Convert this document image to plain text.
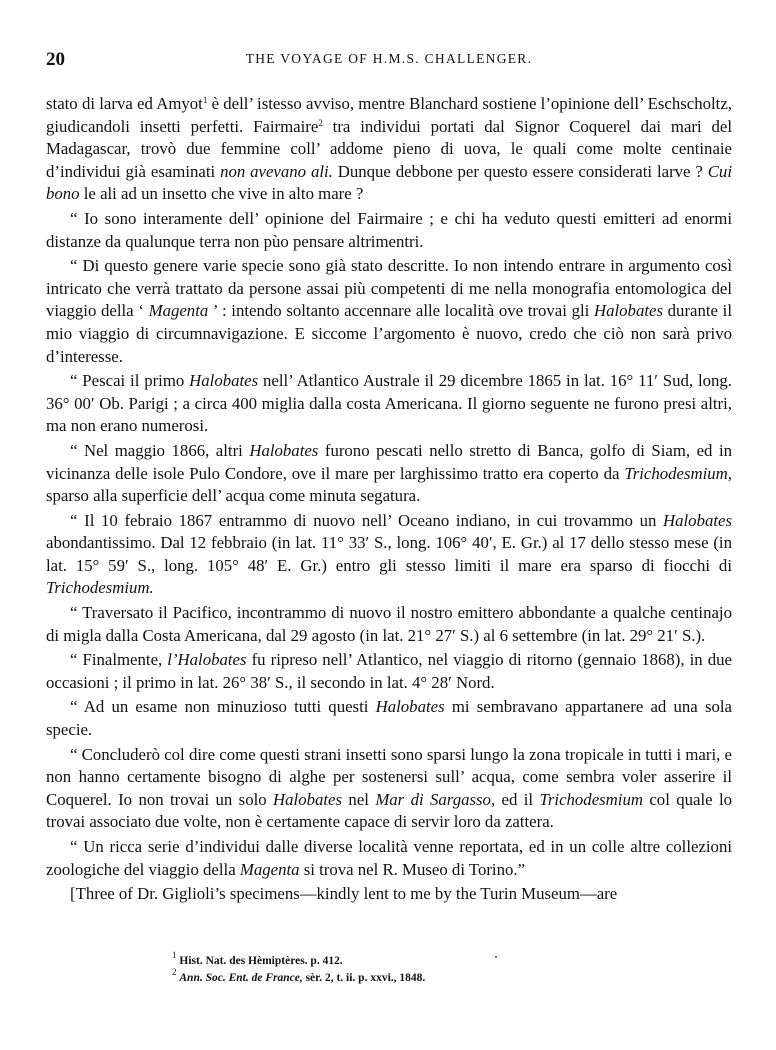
20	THE VOYAGE OF H.M.S. CHALLENGER.

stato di larva ed Amyot$^1$ è dell’ istesso avviso, mentre Blanchard sostiene l’opinione dell’ Eschscholtz, giudicandoli insetti perfetti. Fairmaire$^2$ tra individui portati dal Signor Coquerel dai mari del Madagascar, trovò due femmine coll’ addome pieno di uova, le quali come molte centinaie d’individui già esaminati non avevano ali. Dunque debbone per questo essere considerati larve ? Cui bono le ali ad un insetto che vive in alto mare ?

“ Io sono interamente dell’ opinione del Fairmaire ; e chi ha veduto questi emitteri ad enormi distanze da qualunque terra non pùo pensare altrimentri.

“ Di questo genere varie specie sono già stato descritte. Io non intendo entrare in argumento così intricato che verrà trattato da persone assai più competenti di me nella monografia entomologica del viaggio della ‘ Magenta ’ : intendo soltanto accennare alle località ove trovai gli Halobates durante il mio viaggio di circumnavigazione. E siccome l’argomento è nuovo, credo che ciò non sarà privo d’interesse.

“ Pescai il primo Halobates nell’ Atlantico Australe il 29 dicembre 1865 in lat. 16° 11′ Sud, long. 36° 00′ Ob. Parigi ; a circa 400 miglia dalla costa Americana. Il giorno seguente ne furono presi altri, ma non erano numerosi.

“ Nel maggio 1866, altri Halobates furono pescati nello stretto di Banca, golfo di Siam, ed in vicinanza delle isole Pulo Condore, ove il mare per larghissimo tratto era coperto da Trichodesmium, sparso alla superficie dell’ acqua come minuta segatura.

“ Il 10 febraio 1867 entrammo di nuovo nell’ Oceano indiano, in cui trovammo un Halobates abondantissimo. Dal 12 febbraio (in lat. 11° 33′ S., long. 106° 40′, E. Gr.) al 17 dello stesso mese (in lat. 15° 59′ S., long. 105° 48′ E. Gr.) entro gli stesso limiti il mare era sparso di fiocchi di Trichodesmium.

“ Traversato il Pacifico, incontrammo di nuovo il nostro emittero abbondante a qualche centinajo di migla dalla Costa Americana, dal 29 agosto (in lat. 21° 27′ S.) al 6 settembre (in lat. 29° 21′ S.).

“ Finalmente, l’Halobates fu ripreso nell’ Atlantico, nel viaggio di ritorno (gennaio 1868), in due occasioni ; il primo in lat. 26° 38′ S., il secondo in lat. 4° 28′ Nord.

“ Ad un esame non minuzioso tutti questi Halobates mi sembravano appartanere ad una sola specie.

“ Concluderò col dire come questi strani insetti sono sparsi lungo la zona tropicale in tutti i mari, e non hanno certamente bisogno di alghe per sostenersi sull’ acqua, come sembra voler asserire il Coquerel. Io non trovai un solo Halobates nel Mar di Sargasso, ed il Trichodesmium col quale lo trovai associato due volte, non è certamente capace di servir loro da zattera.

“ Un ricca serie d’individui dalle diverse località venne reportata, ed in un colle altre collezioni zoologiche del viaggio della Magenta si trova nel R. Museo di Torino.”

[Three of Dr. Giglioli’s specimens—kindly lent to me by the Turin Museum—are

$^1$ Hist. Nat. des Hèmiptères. p. 412.

$^2$ Ann. Soc. Ent. de France, sèr. 2, t. ii. p. xxvi., 1848.
